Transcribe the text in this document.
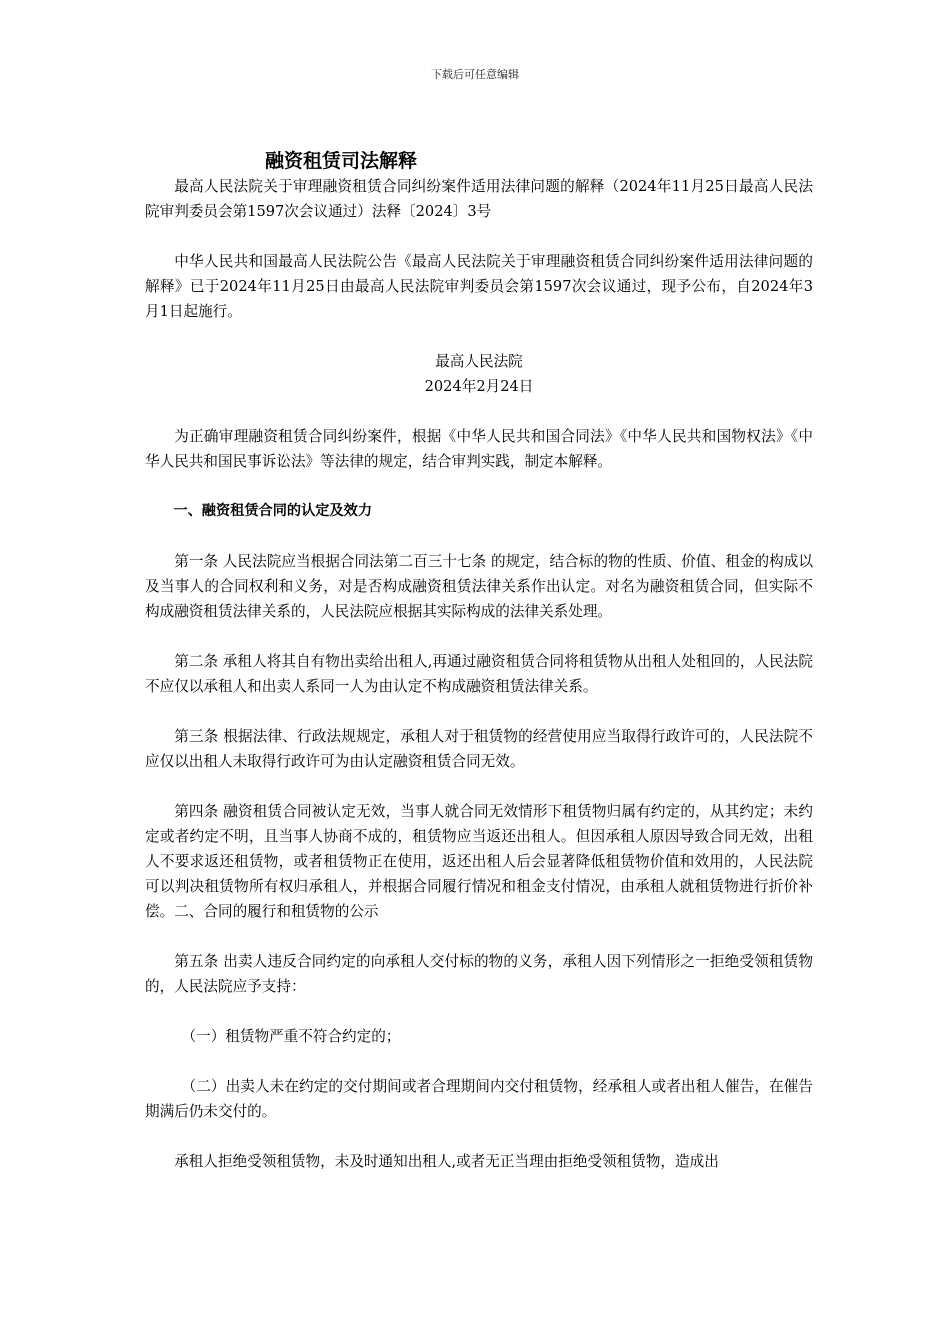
下载后可任意编辑
融资租赁司法解释

最高人民法院关于审理融资租赁合同纠纷案件适用法律问题的解释（2024年11月25日最高人民法院审判委员会第1597次会议通过）法释〔2024〕3号

中华人民共和国最高人民法院公告《最高人民法院关于审理融资租赁合同纠纷案件适用法律问题的解释》已于2024年11月25日由最高人民法院审判委员会第1597次会议通过，现予公布，自2024年3月1日起施行。

最高人民法院
2024年2月24日

为正确审理融资租赁合同纠纷案件，根据《中华人民共和国合同法》《中华人民共和国物权法》《中华人民共和国民事诉讼法》等法律的规定，结合审判实践，制定本解释。

一、融资租赁合同的认定及效力

第一条 人民法院应当根据合同法第二百三十七条 的规定，结合标的物的性质、价值、租金的构成以及当事人的合同权利和义务，对是否构成融资租赁法律关系作出认定。对名为融资租赁合同，但实际不构成融资租赁法律关系的，人民法院应根据其实际构成的法律关系处理。

第二条 承租人将其自有物出卖给出租人,再通过融资租赁合同将租赁物从出租人处租回的，人民法院不应仅以承租人和出卖人系同一人为由认定不构成融资租赁法律关系。

第三条 根据法律、行政法规规定，承租人对于租赁物的经营使用应当取得行政许可的，人民法院不应仅以出租人未取得行政许可为由认定融资租赁合同无效。

第四条 融资租赁合同被认定无效，当事人就合同无效情形下租赁物归属有约定的，从其约定；未约定或者约定不明，且当事人协商不成的，租赁物应当返还出租人。但因承租人原因导致合同无效，出租人不要求返还租赁物，或者租赁物正在使用，返还出租人后会显著降低租赁物价值和效用的，人民法院可以判决租赁物所有权归承租人，并根据合同履行情况和租金支付情况，由承租人就租赁物进行折价补偿。二、合同的履行和租赁物的公示

第五条 出卖人违反合同约定的向承租人交付标的物的义务，承租人因下列情形之一拒绝受领租赁物的，人民法院应予支持：

（一）租赁物严重不符合约定的；

（二）出卖人未在约定的交付期间或者合理期间内交付租赁物，经承租人或者出租人催告，在催告期满后仍未交付的。

承租人拒绝受领租赁物，未及时通知出租人,或者无正当理由拒绝受领租赁物，造成出
